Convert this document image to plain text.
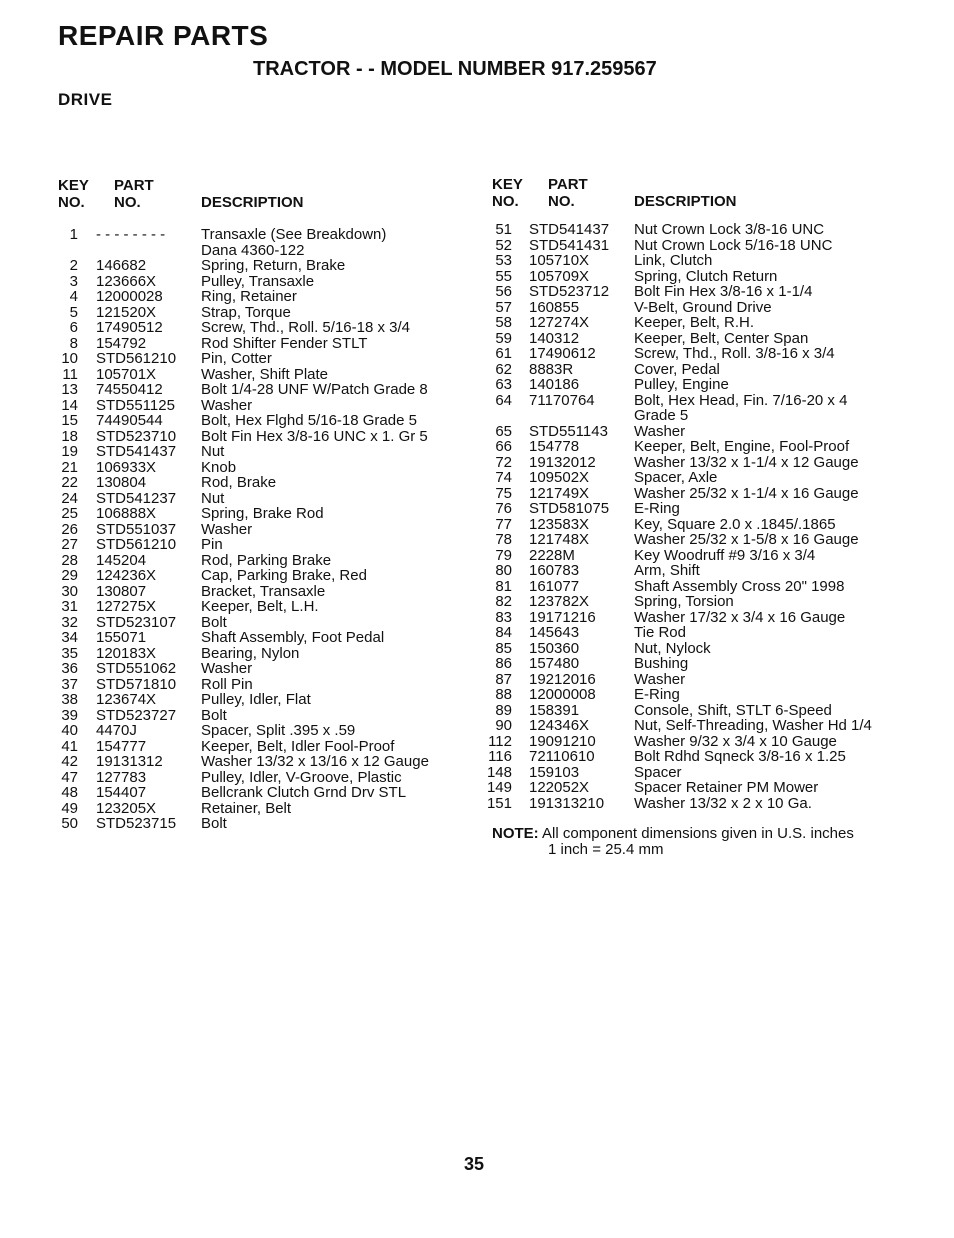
REPAIR PARTS
TRACTOR - - MODEL NUMBER 917.259567
DRIVE
KEY
NO.
PART
NO.	DESCRIPTION
KEY
NO.
PART
NO.	DESCRIPTION
1 - - - - - - - - Transaxle (See Breakdown)
Dana 4360-122
2 146682	Spring, Return, Brake
3 123666X	Pulley, Transaxle
4 12000028	Ring, Retainer
5 121520X	Strap, Torque
6 17490512	Screw, Thd., Roll. 5/16-18 x 3/4
8 154792	Rod Shifter Fender STLT
10 STD561210 Pin, Cotter
11 105701X	Washer, Shift Plate
13 74550412	Bolt 1/4-28 UNF W/Patch Grade 8
14 STD551125 Washer
15 74490544	Bolt, Hex Flghd 5/16-18 Grade 5
18 STD523710 Bolt Fin Hex 3/8-16 UNC x 1. Gr 5
19 STD541437 Nut
21 106933X	Knob
22 130804	Rod, Brake
24 STD541237 Nut
25 106888X	Spring, Brake Rod
26 STD551037 Washer
27 STD561210 Pin
28 145204	Rod, Parking Brake
29 124236X	Cap, Parking Brake, Red
30 130807	Bracket, Transaxle
31 127275X	Keeper, Belt, L.H.
32 STD523107 Bolt
34 155071	Shaft Assembly, Foot Pedal
35 120183X	Bearing, Nylon
36 STD551062 Washer
37 STD571810 Roll Pin
38 123674X	Pulley, Idler, Flat
39 STD523727 Bolt
40 4470J	Spacer, Split .395 x .59
41 154777	Keeper, Belt, Idler Fool-Proof
42 19131312	Washer 13/32 x 13/16 x 12 Gauge
47 127783	Pulley, Idler, V-Groove, Plastic
48 154407	Bellcrank Clutch Grnd Drv STL
49 123205X	Retainer, Belt
50 STD523715 Bolt
51 STD541437 Nut Crown Lock 3/8-16 UNC
52 STD541431 Nut Crown Lock 5/16-18 UNC
53 105710X	Link, Clutch
55 105709X	Spring, Clutch Return
56 STD523712 Bolt Fin Hex 3/8-16 x 1-1/4
57 160855	V-Belt, Ground Drive
58 127274X	Keeper, Belt, R.H.
59 140312	Keeper, Belt, Center Span
61 17490612	Screw, Thd., Roll. 3/8-16 x 3/4
62 8883R	Cover, Pedal
63 140186	Pulley, Engine
64 71170764	Bolt, Hex Head, Fin. 7/16-20 x 4
Grade 5
65 STD551143 Washer
66 154778	Keeper, Belt, Engine, Fool-Proof
72 19132012	Washer 13/32 x 1-1/4 x 12 Gauge
74 109502X	Spacer, Axle
75 121749X	Washer 25/32 x 1-1/4 x 16 Gauge
76 STD581075 E-Ring
77 123583X	Key, Square 2.0 x .1845/.1865
78 121748X	Washer 25/32 x 1-5/8 x 16 Gauge
79 2228M	Key Woodruff #9 3/16 x 3/4
80 160783	Arm, Shift
81 161077	Shaft Assembly Cross 20" 1998
82 123782X	Spring, Torsion
83 19171216	Washer 17/32 x 3/4 x 16 Gauge
84 145643	Tie Rod
85 150360	Nut, Nylock
86 157480	Bushing
87 19212016	Washer
88 12000008	E-Ring
89 158391	Console, Shift, STLT 6-Speed
90 124346X	Nut, Self-Threading, Washer Hd 1/4
112 19091210	Washer 9/32 x 3/4 x 10 Gauge
116 72110610	Bolt Rdhd Sqneck 3/8-16 x 1.25
148 159103	Spacer
149 122052X	Spacer Retainer PM Mower
151 191313210 Washer 13/32 x 2 x 10 Ga.
NOTE: All component dimensions given in U.S. inches
1 inch = 25.4 mm
35
